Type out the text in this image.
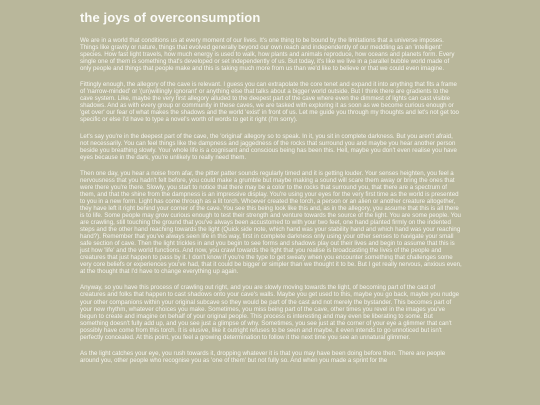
the joys of overconsumption

We are in a world that conditions us at every moment of our lives. It's one thing to be bound by the limitations that a universe imposes. Things like gravity or nature, things that evolved generally beyond our own reach and independently of our meddling as an 'intelligent' species. How fast light travels, how much energy is used to walk, how plants and animals reproduce, how oceans and planets form. Every single one of them is something that's developed or set independently of us. But today, it's like we live in a parallel bubble world made of only people and things that people make and this is taking much more from us than we'd like to believe or that we could even imagine.

Fittingly enough, the allegory of the cave is relevant. I guess you can extrapolate the core tenet and expand it into anything that fits a frame of 'narrow-minded' or '(un)willingly ignorant' or anything else that talks about a bigger world outside. But I think there are gradients to the cave system. Like, maybe the very first allegory alluded to the deepest part of the cave where even the dimmest of lights can cast visible shadows. And as with every group or community in these caves, we are tasked with exploring it as soon as we become curious enough or 'get over' our fear of what makes the shadows and the world 'exist' in front of us. Let me guide you through my thoughts and let's not get too specific or else I'd have to type a novel's worth of words to get it right (I'm sorry).

Let's say you're in the deepest part of the cave, the 'original' allegory so to speak. In it, you sit in complete darkness. But you aren't afraid, not necessarily. You can feel things like the dampness and jaggedness of the rocks that surround you and maybe you hear another person beside you breathing slowly. Your whole life is a cognisant and conscious being has been this. Hell, maybe you don't even realise you have eyes because in the dark, you're unlikely to really need them.

Then one day, you hear a noise from afar, the pitter patter sounds regularly timed and it is getting louder. Your senses heighten, you feel a nervousness that you hadn't felt before, you could make a grumble but maybe making a sound will scare them away or bring the ones that were there you're there. Slowly, you start to notice that there may be a color to the rocks that surround you, that there are a spectrum of them, and that the shine from the dampness is an impressive display. You're using your eyes for the very first time as the world is presented to you in a new form. Light has come through as a lit torch. Whoever created the torch, a person or an alien or another creature altogether, they have left it right behind your corner of the cave. You see this being look like this and, as in the allegory, you assume that this is all there is to life. Some people may grow curious enough to test their strength and venture towards the source of the light. You are some people. You are crawling, still touching the ground that you've always been accustomed to with your two feet, one hand planted firmly on the indented steps and the other hand reaching towards the light (Quick side note, which hand was your stability hand and which hand was your reaching hand?). Remember that you've always seen life in this way, first in complete darkness only using your other senses to navigate your small safe section of cave. Then the light trickles in and you begin to see forms and shadows play out their lives and begin to assume that this is just how 'life' and the world functions. And now, you crawl towards the light that you realise is broadcasting the lives of the people and creatures that just happen to pass by it. I don't know if you're the type to get sweaty when you encounter something that challenges some very core beliefs or experiences you've had, that it could be bigger or simpler than we thought it to be. But I get really nervous, anxious even, at the thought that I'd have to change everything up again.

Anyway, so you have this process of crawling out right, and you are slowly moving towards the light, of becoming part of the cast of creatures and folks that happen to cast shadows onto your cave's walls. Maybe you get used to this, maybe you go back, maybe you nudge your other companions within your original subcave so they would be part of the cast and not merely the bystander. This becomes part of your new rhythm, whatever choices you make. Sometimes, you miss being part of the cave, other times you revel in the images you've begun to create and imagine on behalf of your original people. This process is interesting and may even be liberating to some. But something doesn't fully add up, and you see just a glimpse of why. Sometimes, you see just at the corner of your eye a glimmer that can't possibly have come from this torch. It is elusive, like it outright refuses to be seen and maybe, it even intends to go unnoticed but isn't perfectly concealed. At this point, you feel a growing determination to follow it the next time you see an unnatural glimmer.

As the light catches your eye, you rush towards it, dropping whatever it is that you may have been doing before then. There are people around you, other people who recognise you as 'one of them' but not fully so. And when you made a sprint for the
